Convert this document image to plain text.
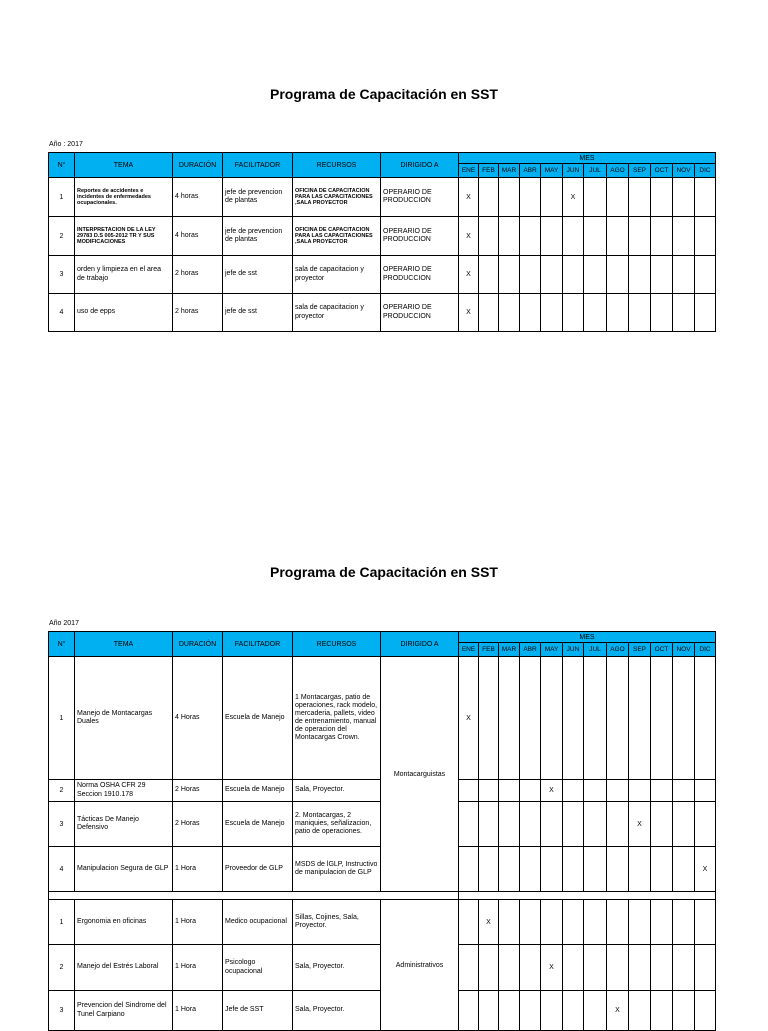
Programa de Capacitación en SST
Año : 2017
N°	TEMA	DURACIÓN	FACILITADOR	RECURSOS	DIRIGIDO A	MES											
						ENE	FEB	MAR	ABR	MAY	JUN	JUL	AGO	SEP	OCT	NOV	DIC
1	Reportes de accidentes e incidentes de enfermedades ocupacionales.	4 horas	jefe de prevencion de plantas	OFICINA DE CAPACITACION PARA LAS CAPACITACIONES ,SALA PROYECTOR	OPERARIO DE PRODUCCION	X					X						
2	INTERPRETACION DE LA LEY 29783 D.S 005-2012 TR Y SUS MODIFICACIONES	4 horas	jefe de prevencion de plantas	OFICINA DE CAPACITACION PARA LAS CAPACITACIONES ,SALA PROYECTOR	OPERARIO DE PRODUCCION	X											
3	orden y limpieza en el area de trabajo	2 horas	jefe de sst	sala de capacitacion y proyector	OPERARIO DE PRODUCCION	X											
4	uso de epps	2 horas	jefe de sst	sala de capacitacion y proyector	OPERARIO DE PRODUCCION	X											
Programa de Capacitación en SST
Año 2017
N°	TEMA	DURACIÓN	FACILITADOR	RECURSOS	DIRIGIDO A	MES											
						ENE	FEB	MAR	ABR	MAY	JUN	JUL	AGO	SEP	OCT	NOV	DIC
1	Manejo de Montacargas Duales	4 Horas	Escuela de Manejo	1 Montacargas, patio de operaciones, rack modelo, mercaderia, pallets, video de entrenamiento, manual de operacion del Montacargas Crown.	Montacarguistas	X											
2	Norma OSHA CFR 29 Seccion 1910.178	2 Horas	Escuela de Manejo	Sala, Proyector.						X							
3	Tácticas De Manejo Defensivo	2 Horas	Escuela de Manejo	2. Montacargas, 2 maniquies, señalizacion, patio de operaciones.										X			
4	Manipulacion Segura de GLP	1 Hora	Proveedor de GLP	MSDS de lGLP, Instructivo de manipulacion de GLP													X

1	Ergonomia en oficinas	1 Hora	Medico ocupacional	Sillas, Cojines, Sala, Proyector.	Administrativos		X										
2	Manejo del Estrés Laboral	1 Hora	Psicologo ocupacional	Sala, Proyector.						X							
3	Prevencion del Sindrome del Tunel Carpiano	1 Hora	Jefe de SST	Sala, Proyector.									X				
